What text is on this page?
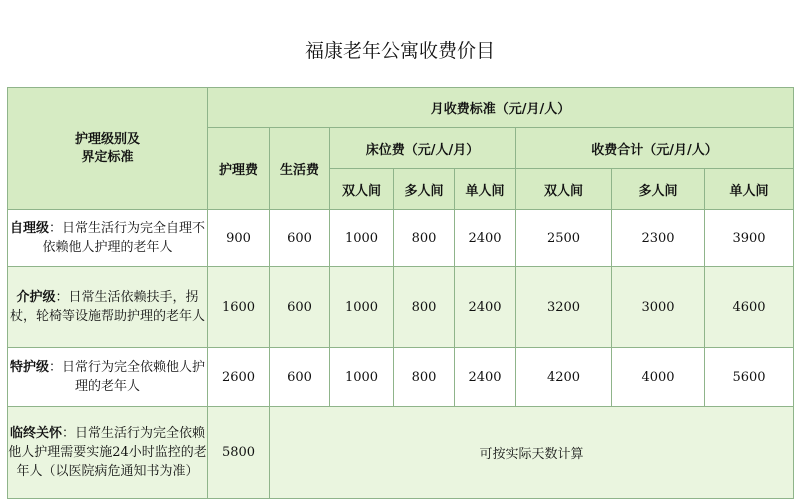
福康老年公寓收费价目
护理级别及
界定标准	月收费标准（元/月/人）							
	护理费	生活费	床位费（元/人/月）			收费合计（元/月/人）		
			双人间	多人间	单人间	双人间	多人间	单人间
自理级：日常生活行为完全自理不依赖他人护理的老年人	900	600	1000	800	2400	2500	2300	3900
介护级：日常生活依赖扶手，拐杖，轮椅等设施帮助护理的老年人	1600	600	1000	800	2400	3200	3000	4600
特护级：日常行为完全依赖他人护理的老年人	2600	600	1000	800	2400	4200	4000	5600
临终关怀：日常生活行为完全依赖他人护理需要实施24小时监控的老年人（以医院病危通知书为准）	5800	可按实际天数计算						
